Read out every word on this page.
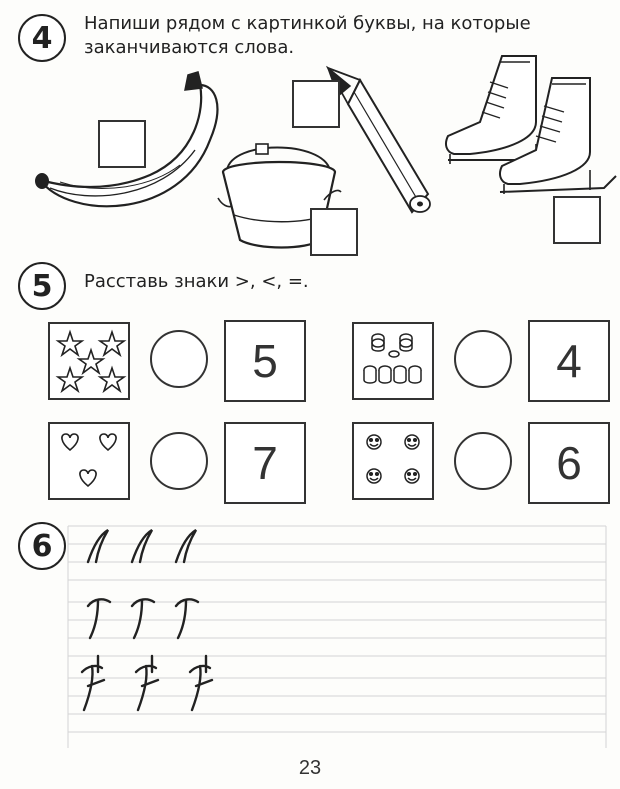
4 Напиши рядом с картинкой буквы, на которые
заканчиваются слова.
5 Расставь знаки >, <, =.
5	4
7	6
6
23
